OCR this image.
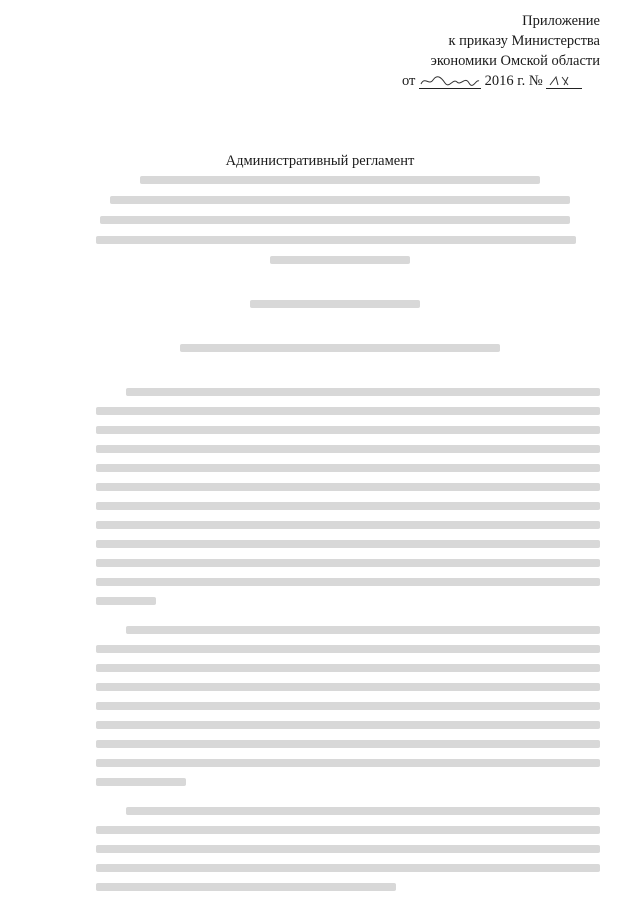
Приложение
к приказу Министерства
экономики Омской области
от	2016 г. №
Административный регламент
